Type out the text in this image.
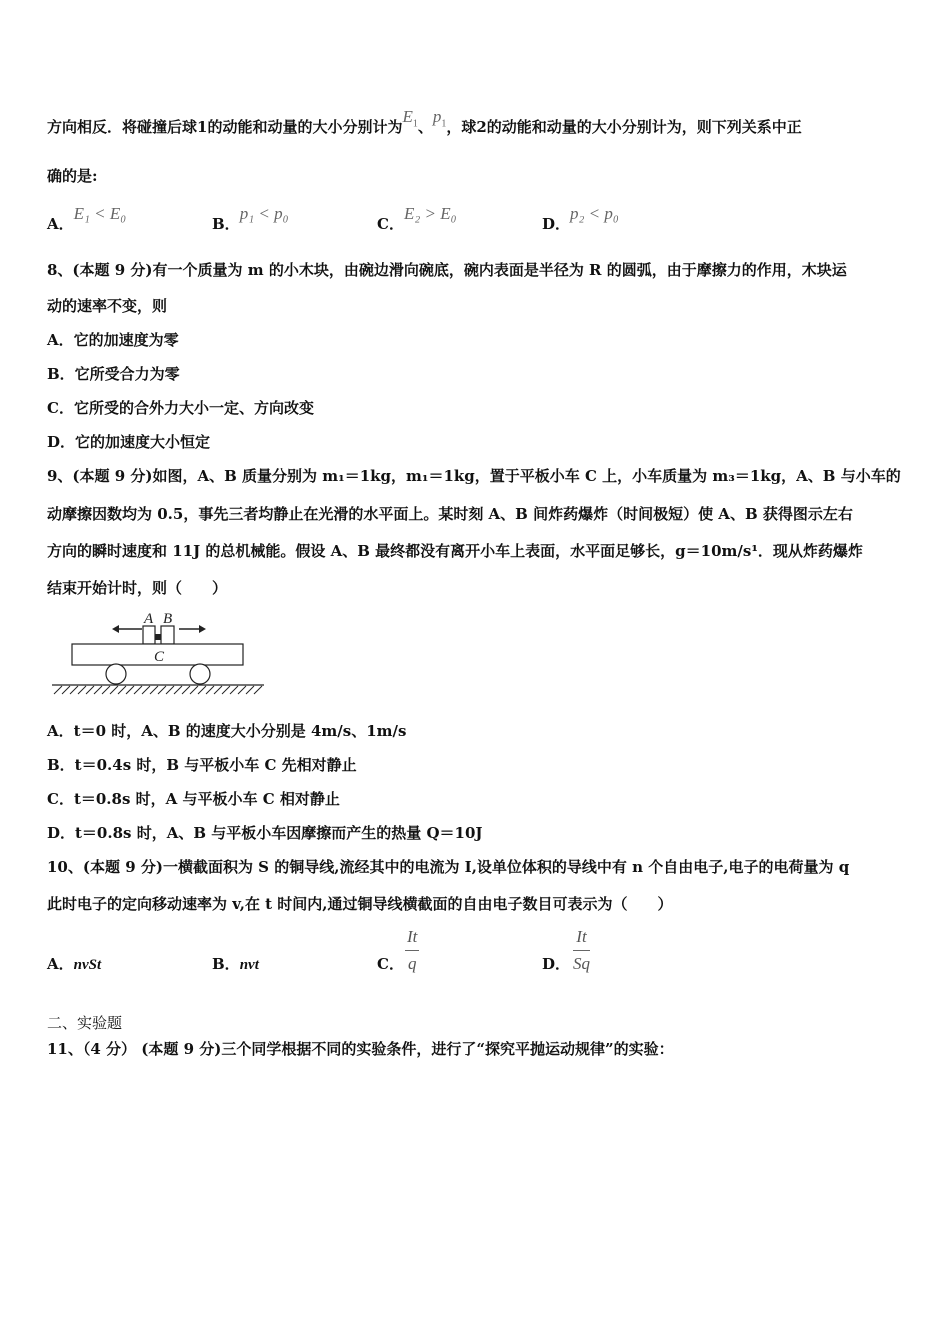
方向相反．将碰撞后球1的动能和动量的大小分别计为$E_1$、$p_1$，球2的动能和动量的大小分别计为，则下列关系中正
确的是:
A．E₁ < E₀
B．p₁ < p₀
C．E₂ > E₀
D．p₂ < p₀
8、(本题 9 分)有一个质量为 m 的小木块，由碗边滑向碗底，碗内表面是半径为 R 的圆弧，由于摩擦力的作用，木块运
动的速率不变，则
A．它的加速度为零
B．它所受合力为零
C．它所受的合外力大小一定、方向改变
D．它的加速度大小恒定
9、(本题 9 分)如图，A、B 质量分别为 m₁＝1kg，m₁＝1kg，置于平板小车 C 上，小车质量为 m₃＝1kg，A、B 与小车的
动摩擦因数均为 0.5，事先三者均静止在光滑的水平面上。某时刻 A、B 间炸药爆炸（时间极短）使 A、B 获得图示左右
方向的瞬时速度和 11J 的总机械能。假设 A、B 最终都没有离开小车上表面，水平面足够长，g＝10m/s¹．现从炸药爆炸
结束开始计时，则（　　）
A B
C
A．t＝0 时，A、B 的速度大小分别是 4m/s、1m/s
B．t＝0.4s 时，B 与平板小车 C 先相对静止
C．t＝0.8s 时，A 与平板小车 C 相对静止
D．t＝0.8s 时，A、B 与平板小车因摩擦而产生的热量 Q＝10J
10、(本题 9 分)一横截面积为 S 的铜导线,流经其中的电流为 I,设单位体积的导线中有 n 个自由电子,电子的电荷量为 q
此时电子的定向移动速率为 v,在 t 时间内,通过铜导线横截面的自由电子数目可表示为（　　）
A．nvSt	B．nvt	C．
It
q	D．
It
Sq
二、实验题
11、（4 分） (本题 9 分)三个同学根据不同的实验条件，进行了“探究平抛运动规律”的实验：
